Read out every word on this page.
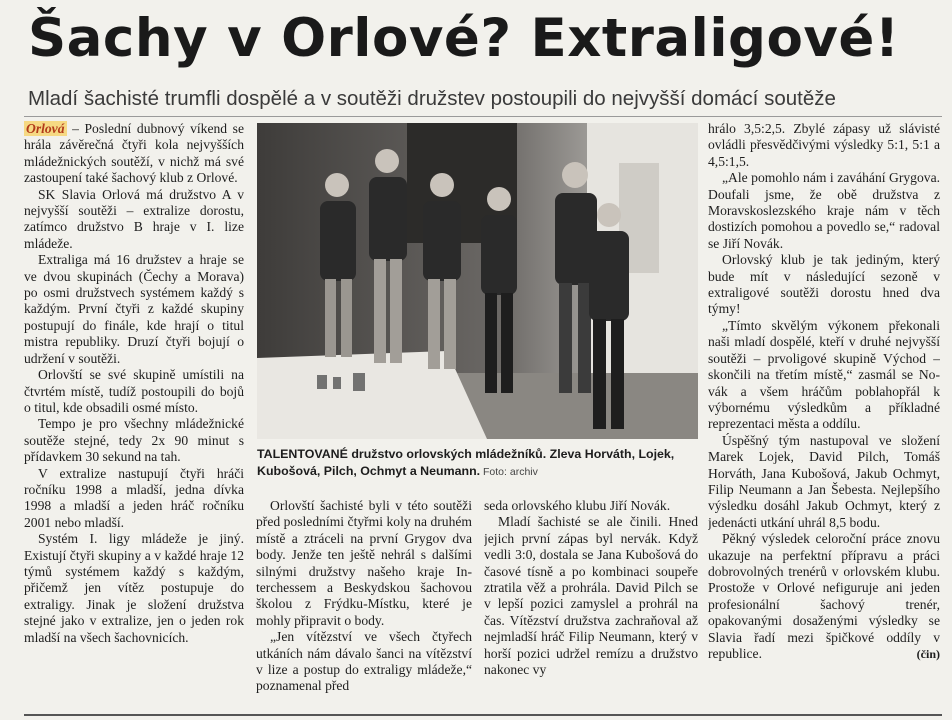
Šachy v Orlové? Extraligové!
Mladí šachisté trumfli dospělé a v soutěži družstev postoupili do nejvyšší domácí soutěže

Orlová – Poslední dubnový víkend se hrála závěrečná čtyři kola nejvyšších mládežnických soutěží, v nichž má své zastoupení také šachový klub z Orlové.

SK Slavia Orlová má družstvo A v nejvyšší soutěži – extralize dorostu, zatímco družstvo B hraje v I. lize mládeže.

Extraliga má 16 družstev a hraje se ve dvou skupinách (Čechy a Morava) po osmi družstvech systémem každý s každým. První čtyři z každé skupiny postupují do finále, kde hrají o titul mistra republiky. Druzí čtyři bojují o udržení v soutěži.

Orlovští se své skupině umístili na čtvrtém místě, tudíž postoupili do bojů o titul, kde obsadili osmé místo.

Tempo je pro všechny mládežnické soutěže stejné, tedy 2x 90 minut s přídavkem 30 sekund na tah.

V extralize nastupují čtyři hráči ročníku 1998 a mladší, jedna dívka 1998 a mladší a jeden hráč ročníku 2001 nebo mladší.

Systém I. ligy mládeže je jiný. Existují čtyři skupiny a v každé hraje 12 týmů systémem každý s každým, přičemž jen vítěz postupuje do extraligy. Jinak je složení družstva stejné jako v extralize, jen o jeden rok mladší na všech šachovnicích.

TALENTOVANÉ družstvo orlovských mládežníků. Zleva Horváth, Lojek, Kubošová, Pilch, Ochmyt a Neumann. Foto: archiv

Orlovští šachisté byli v této soutěži před posledními čtyřmi koly na druhém místě a ztráceli na první Grygov dva body. Jenže ten ještě nehrál s dalšími silnými družstvy našeho kraje Interchessem a Beskydskou šachovou školou z Frýdku-Místku, které je mohly připravit o body.

„Jen vítězství ve všech čtyřech utkáních nám dávalo šanci na vítězství v lize a postup do extraligy mládeže,“ poznamenal před

seda orlovského klubu Jiří Novák.

Mladí šachisté se ale činili. Hned jejich první zápas byl nervák. Když vedli 3:0, dostala se Jana Kubošová do časové tísně a po kombinaci soupeře ztratila věž a prohrála. David Pilch se v lepší pozici zamyslel a prohrál na čas. Vítězství družstva zachraňoval až nejmladší hráč Filip Neumann, který v horší pozici udržel remízu a družstvo nakonec vy

hrálo 3,5:2,5. Zbylé zápasy už slávisté ovládli přesvědčivými výsledky 5:1, 5:1 a 4,5:1,5.

„Ale pomohlo nám i zaváhání Grygova. Doufali jsme, že obě družstva z Moravskoslezského kraje nám v těch dostizích pomohou a povedlo se,“ radoval se Jiří Novák.

Orlovský klub je tak jediným, který bude mít v následující sezoně v extraligové soutěži dorostu hned dva týmy!

„Tímto skvělým výkonem překonali naši mladí dospělé, kteří v druhé nejvyšší soutěži – prvoligové skupině Východ – skončili na třetím místě,“ zasmál se Novák a všem hráčům poblahopřál k výbornému výsledkům a příkladné reprezentaci města a oddílu.

Úspěšný tým nastupoval ve složení Marek Lojek, David Pilch, Tomáš Horváth, Jana Kubošová, Jakub Ochmyt, Filip Neumann a Jan Šebesta. Nejlepšího výsledku dosáhl Jakub Ochmyt, který z jedenácti utkání uhrál 8,5 bodu.

Pěkný výsledek celoroční práce znovu ukazuje na perfektní přípravu a práci dobrovolných trenérů v orlovském klubu. Prostože v Orlové nefiguruje ani jeden profesionální šachový trenér, opakovanými dosaženými výsledky se Slavia řadí mezi špičkové oddíly v republice.	(čin)
